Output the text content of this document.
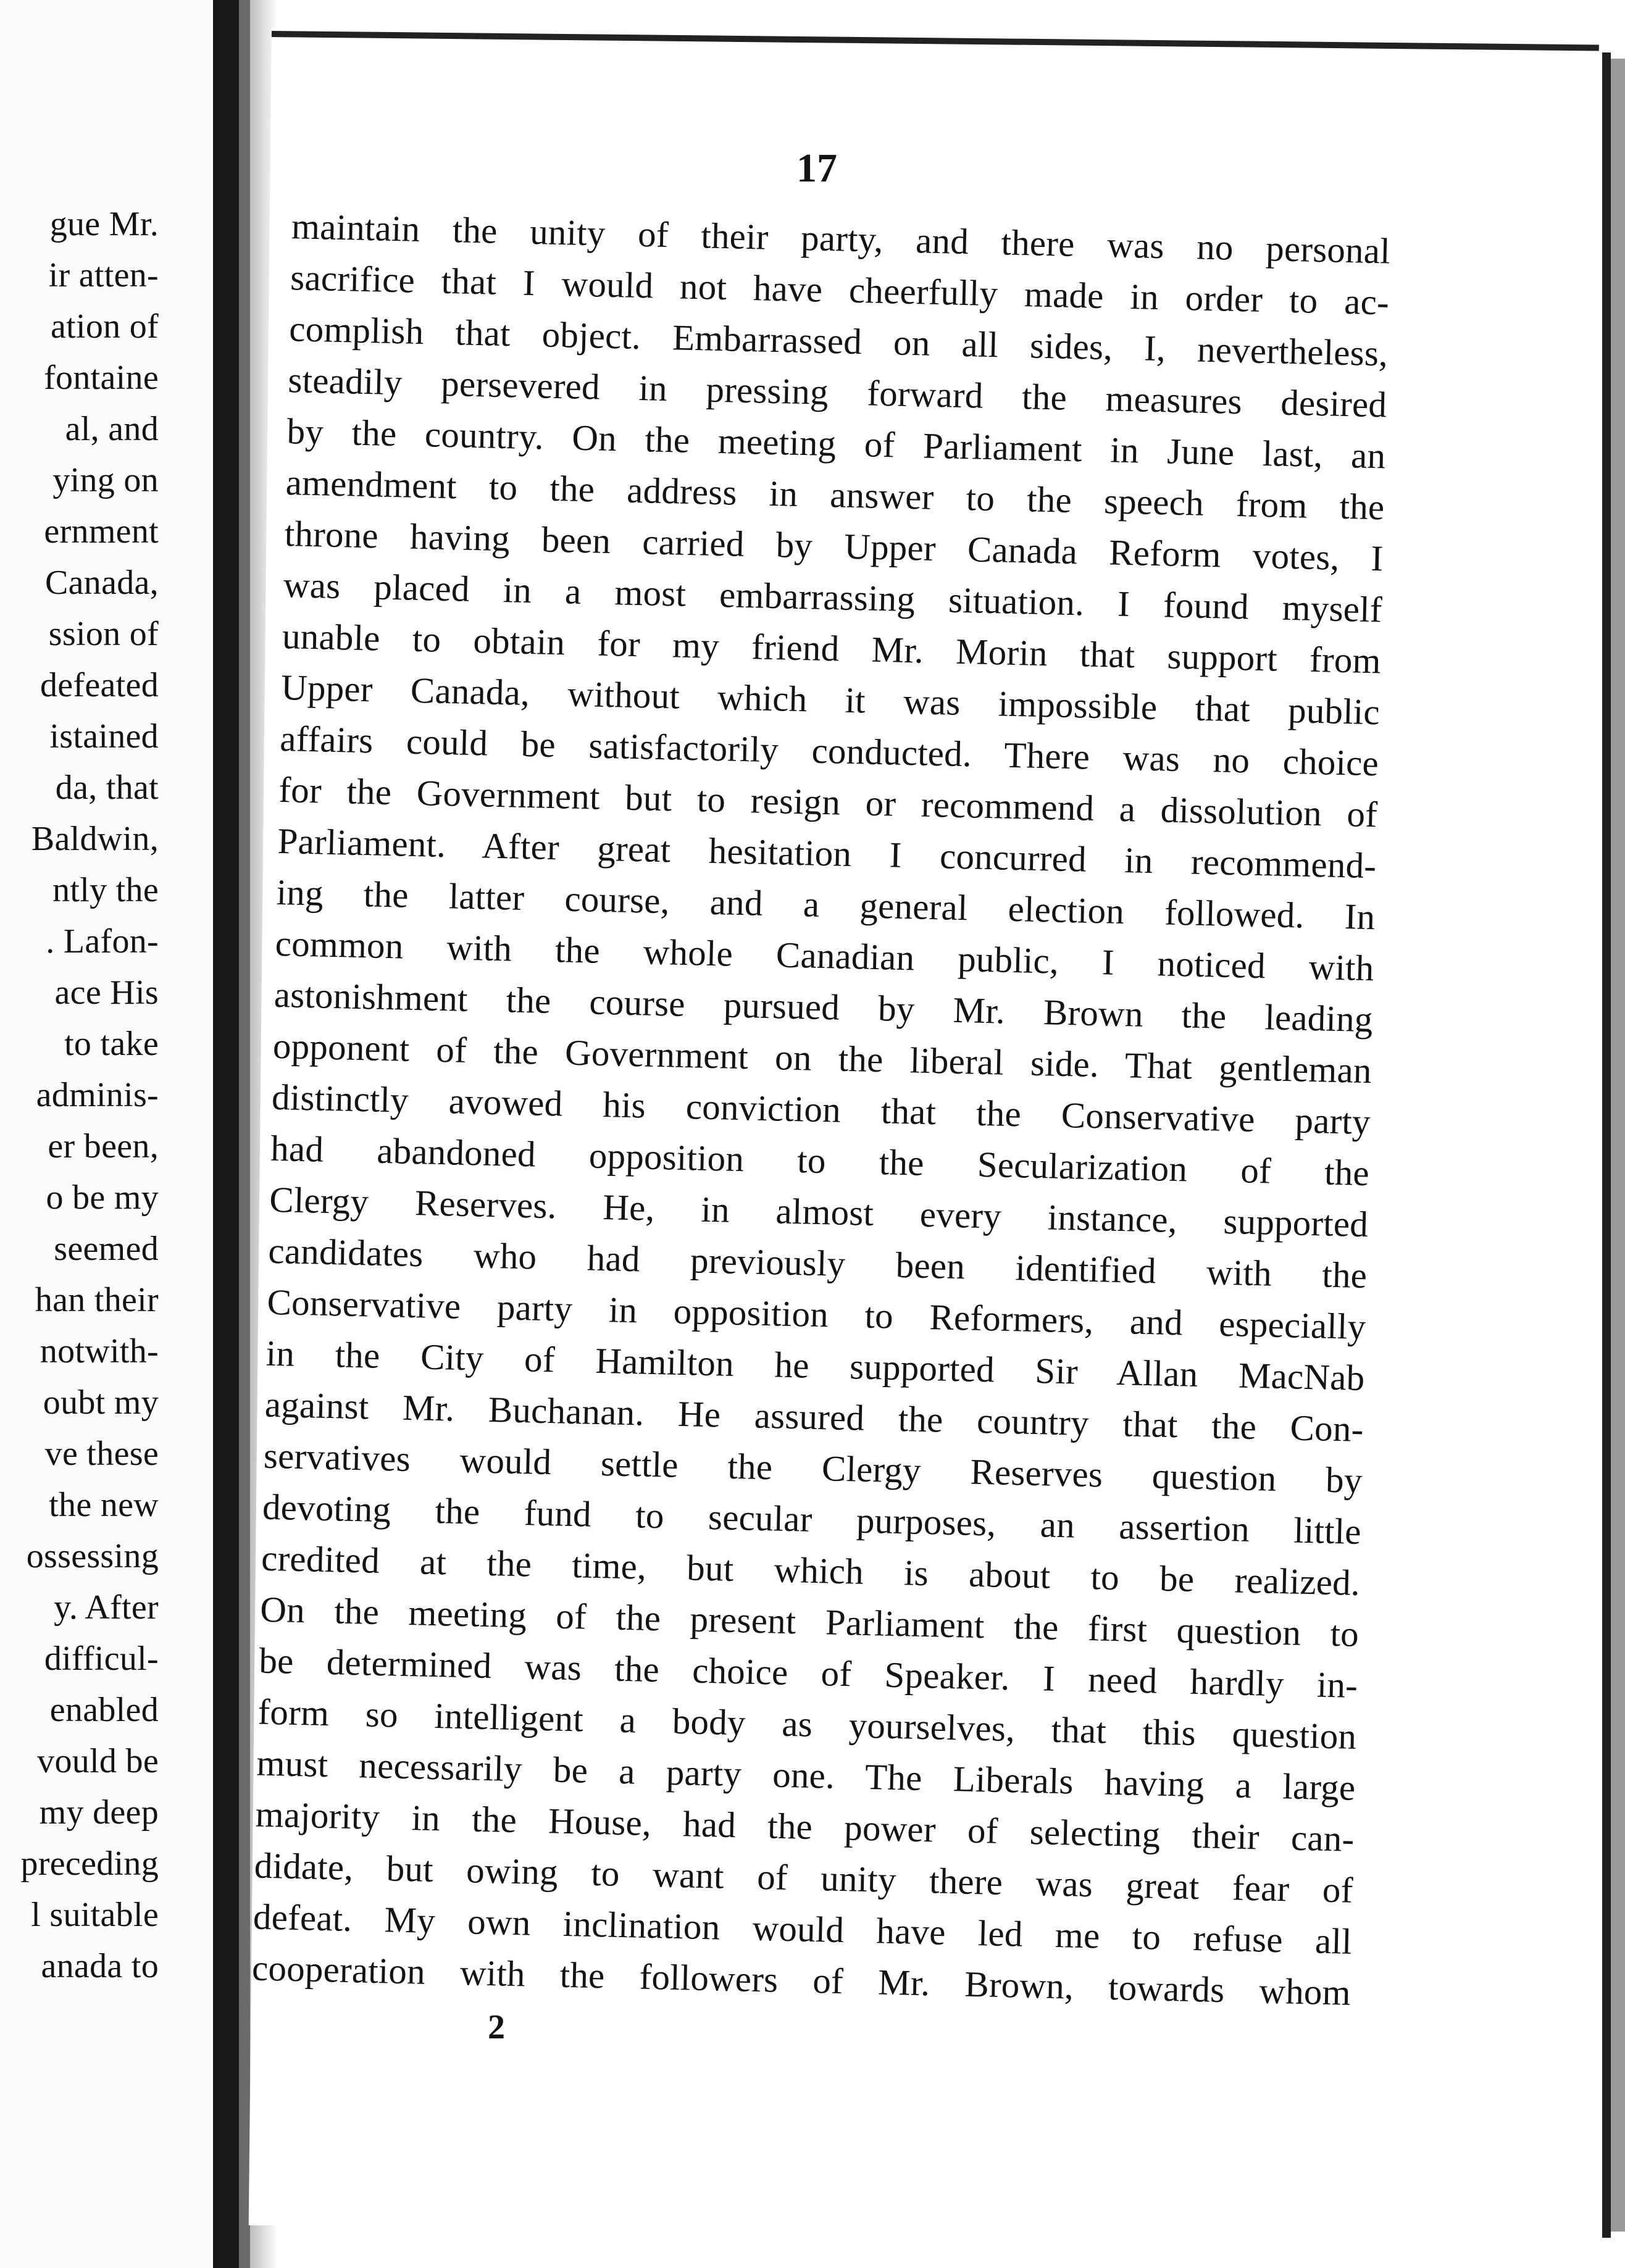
gue Mr.
ir atten-
ation of
fontaine
al, and
ying on
ernment
Canada,
ssion of
defeated
istained
da, that
Baldwin,
ntly the
. Lafon-
ace His
to take
adminis-
er been,
o be my
seemed
han their
notwith-
oubt my
ve these
the new
ossessing
y. After
difficul-
enabled
vould be
my deep
preceding
l suitable
anada to
17
maintain the unity of their party, and there was no personal
sacrifice that I would not have cheerfully made in order to ac-
complish that object. Embarrassed on all sides, I, nevertheless,
steadily persevered in pressing forward the measures desired
by the country. On the meeting of Parliament in June last, an
amendment to the address in answer to the speech from the
throne having been carried by Upper Canada Reform votes, I
was placed in a most embarrassing situation. I found myself
unable to obtain for my friend Mr. Morin that support from
Upper Canada, without which it was impossible that public
affairs could be satisfactorily conducted. There was no choice
for the Government but to resign or recommend a dissolution of
Parliament. After great hesitation I concurred in recommend-
ing the latter course, and a general election followed. In
common with the whole Canadian public, I noticed with
astonishment the course pursued by Mr. Brown the leading
opponent of the Government on the liberal side. That gentleman
distinctly avowed his conviction that the Conservative party
had abandoned opposition to the Secularization of the
Clergy Reserves. He, in almost every instance, supported
candidates who had previously been identified with the
Conservative party in opposition to Reformers, and especially
in the City of Hamilton he supported Sir Allan MacNab
against Mr. Buchanan. He assured the country that the Con-
servatives would settle the Clergy Reserves question by
devoting the fund to secular purposes, an assertion little
credited at the time, but which is about to be realized.
On the meeting of the present Parliament the first question to
be determined was the choice of Speaker. I need hardly in-
form so intelligent a body as yourselves, that this question
must necessarily be a party one. The Liberals having a large
majority in the House, had the power of selecting their can-
didate, but owing to want of unity there was great fear of
defeat. My own inclination would have led me to refuse all
cooperation with the followers of Mr. Brown, towards whom
2
